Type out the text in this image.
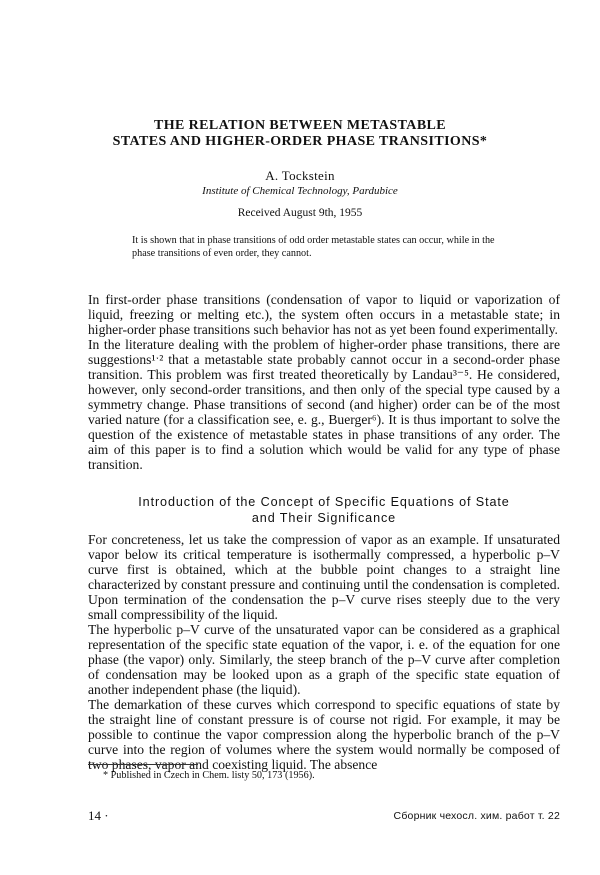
THE RELATION BETWEEN METASTABLE
STATES AND HIGHER-ORDER PHASE TRANSITIONS*
A. Tockstein
Institute of Chemical Technology, Pardubice
Received August 9th, 1955
It is shown that in phase transitions of odd order metastable states can occur, while in the phase transitions of even order, they cannot.

In first-order phase transitions (condensation of vapor to liquid or vaporization of liquid, freezing or melting etc.), the system often occurs in a metastable state; in higher-order phase transitions such behavior has not as yet been found experimentally.

In the literature dealing with the problem of higher-order phase transitions, there are suggestions¹ˑ² that a metastable state probably cannot occur in a second-order phase transition. This problem was first treated theoretically by Landau³⁻⁵. He considered, however, only second-order transitions, and then only of the special type caused by a symmetry change. Phase transitions of second (and higher) order can be of the most varied nature (for a classification see, e. g., Buerger⁶). It is thus important to solve the question of the existence of metastable states in phase transitions of any order. The aim of this paper is to find a solution which would be valid for any type of phase transition.

Introduction of the Concept of Specific Equations of State
and Their Significance

For concreteness, let us take the compression of vapor as an example. If unsaturated vapor below its critical temperature is isothermally compressed, a hyperbolic p–V curve first is obtained, which at the bubble point changes to a straight line characterized by constant pressure and continuing until the condensation is completed. Upon termination of the condensation the p–V curve rises steeply due to the very small compressibility of the liquid.

The hyperbolic p–V curve of the unsaturated vapor can be considered as a graphical representation of the specific state equation of the vapor, i. e. of the equation for one phase (the vapor) only. Similarly, the steep branch of the p–V curve after completion of condensation may be looked upon as a graph of the specific state equation of another independent phase (the liquid).

The demarkation of these curves which correspond to specific equations of state by the straight line of constant pressure is of course not rigid. For example, it may be possible to continue the vapor compression along the hyperbolic branch of the p–V curve into the region of volumes where the system would normally be composed of two phases, vapor and coexisting liquid. The absence

* Published in Czech in Chem. listy 50, 173 (1956).
14 ·	Сборник чехосл. хим. работ т. 22
